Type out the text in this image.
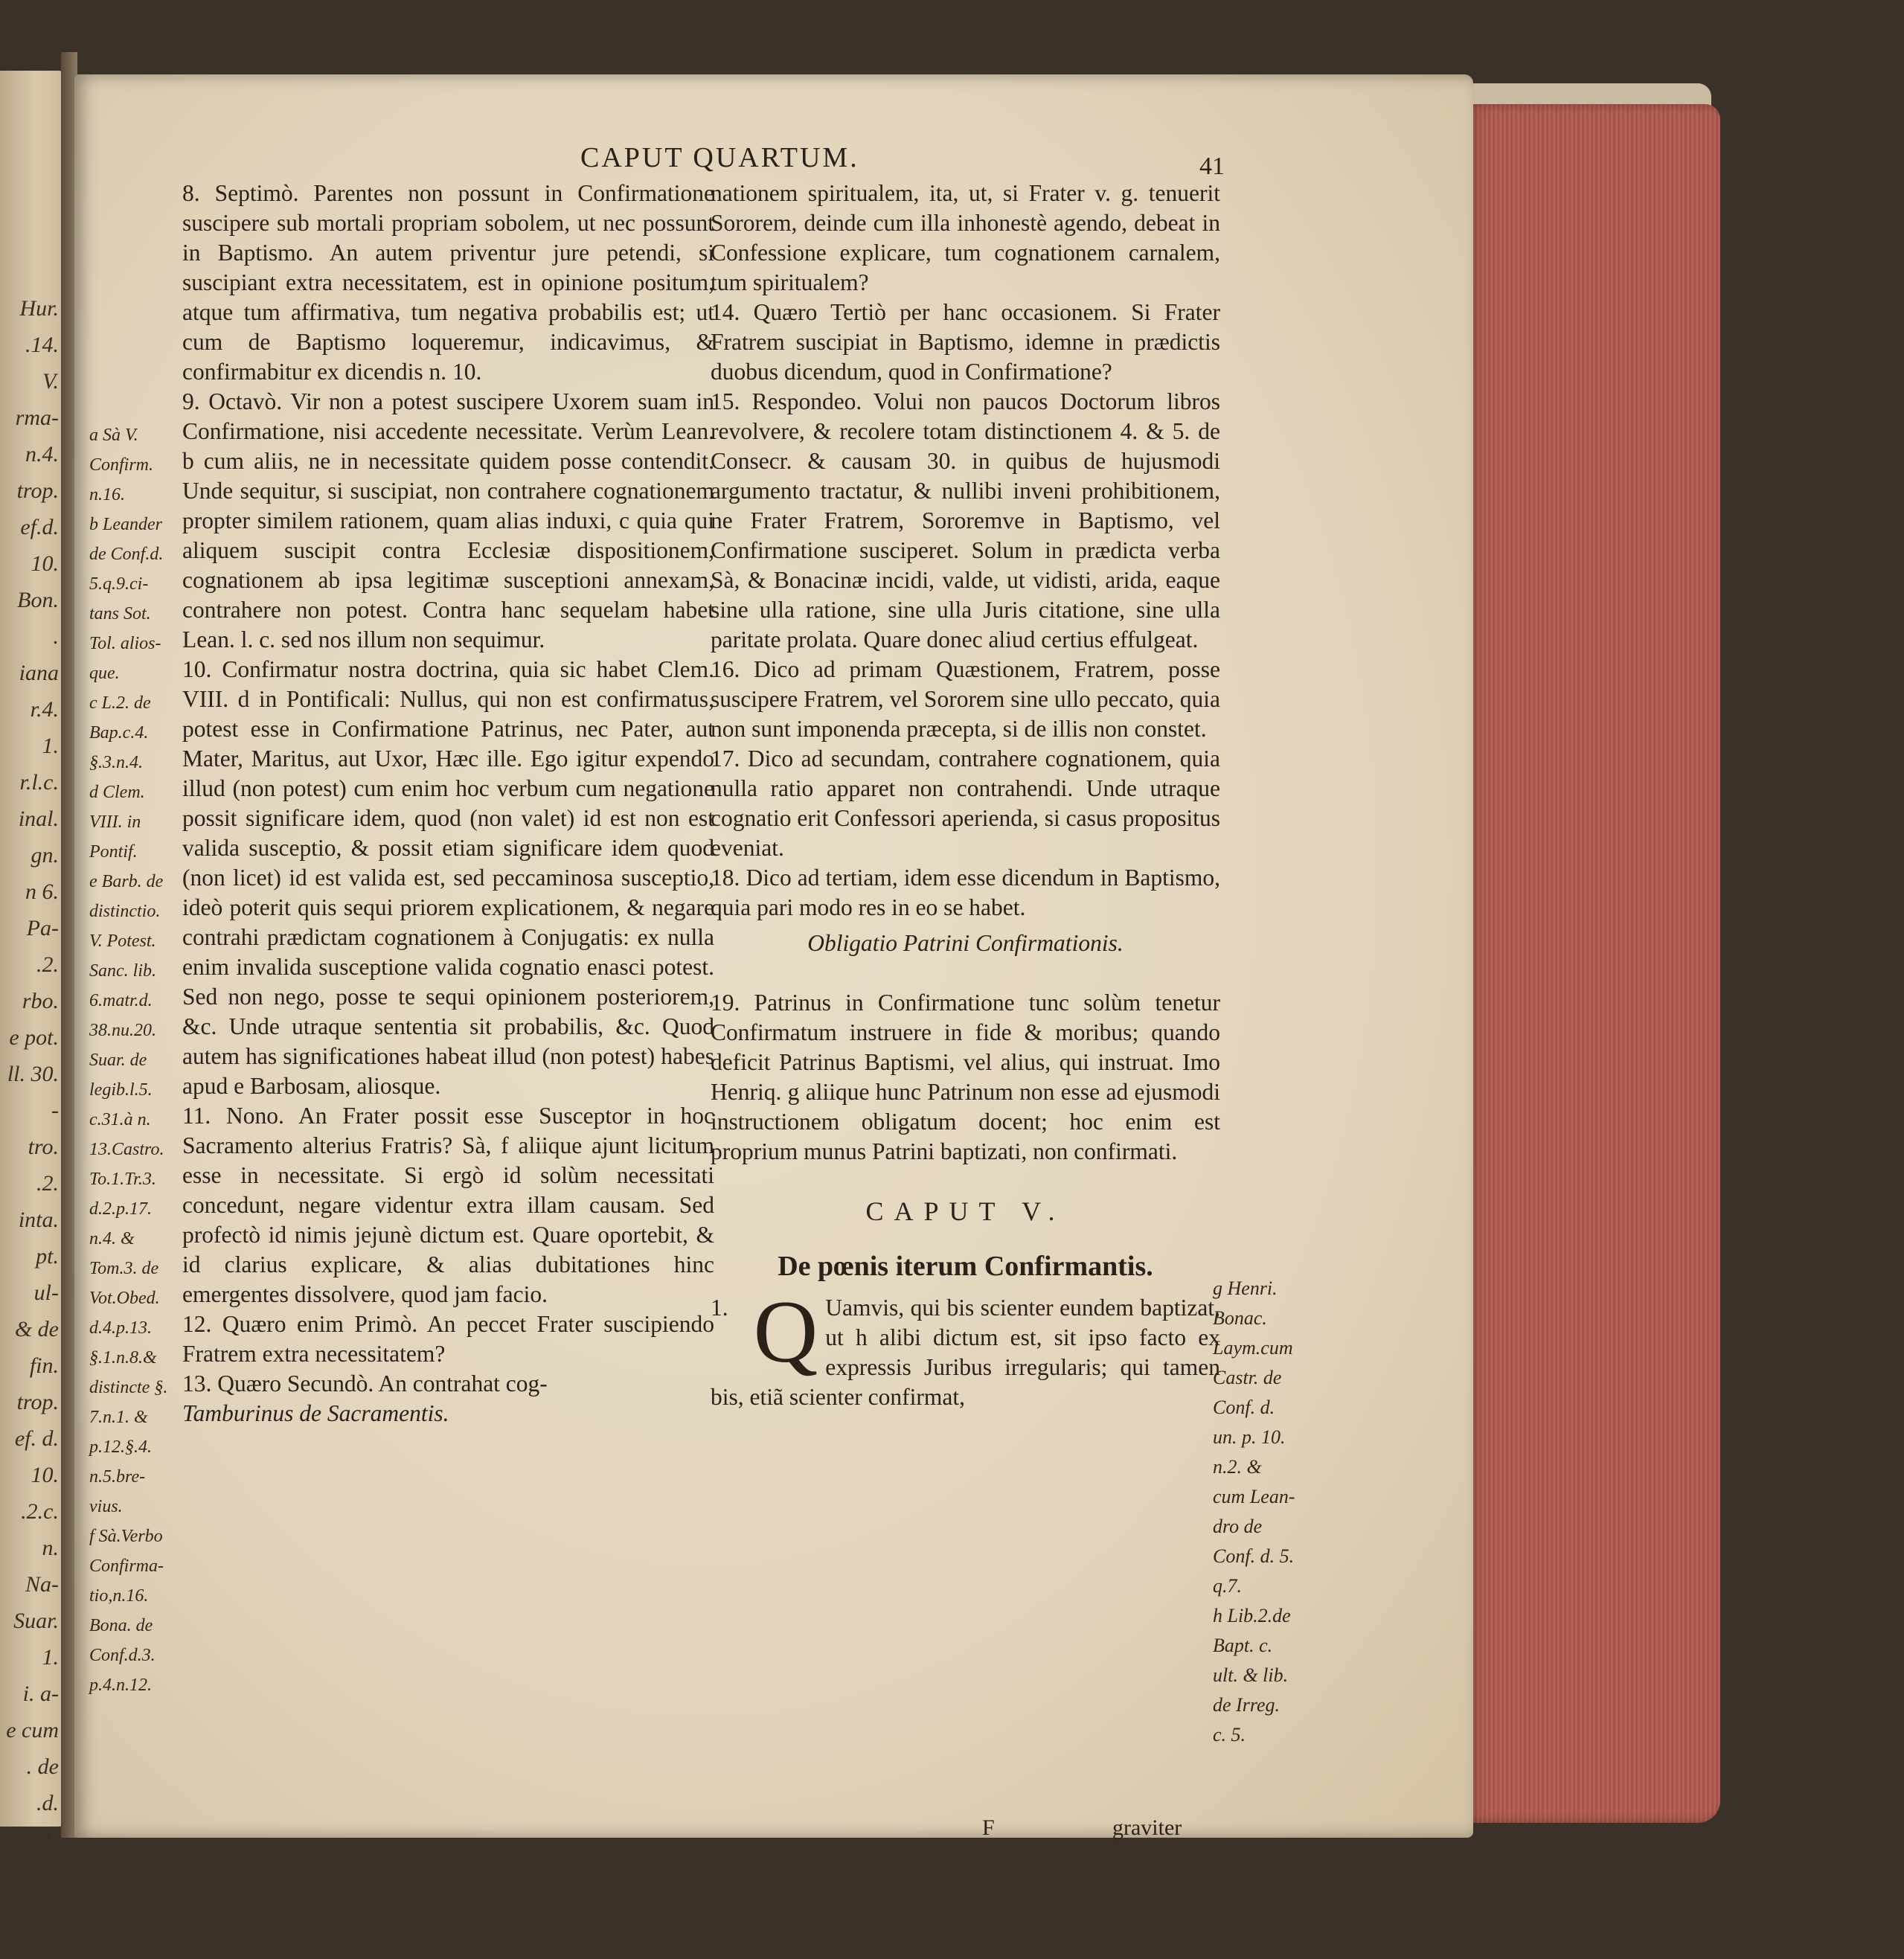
Hur.
.14.
V.
rma-
n.4.
trop.
ef.d.
10.
Bon.
.
iana
r.4.
1.
r.l.c.
inal.
gn.
n 6.
Pa-
.2.
rbo.
e pot.
ll. 30.
-
tro.
.2.
inta.
pt.
ul-
& de
fin.
trop.
ef. d.
10.
.2.c.
n.
Na-
Suar.
1.
i. a-
e cum
. de
.d.
1.
CAPUT QUARTUM.	41
a Sà V.
Confirm.
n.16.
b Leander
de Conf.d.
5.q.9.ci-
tans Sot.
Tol. alios-
que.
c L.2. de
Bap.c.4.
§.3.n.4.
d Clem.
VIII. in
Pontif.
e Barb. de
distinctio.
V. Potest.
Sanc. lib.
6.matr.d.
38.nu.20.
Suar. de
legib.l.5.
c.31.à n.
13.Castro.
To.1.Tr.3.
d.2.p.17.
n.4. &
Tom.3. de
Vot.Obed.
d.4.p.13.
§.1.n.8.&
distincte §.
7.n.1. &
p.12.§.4.
n.5.bre-
vius.
f Sà.Verbo
Confirma-
tio,n.16.
Bona. de
Conf.d.3.
p.4.n.12.

8. Septimò. Parentes non possunt in Confirmatione suscipere sub mortali propriam sobolem, ut nec possunt in Baptismo. An autem priventur jure petendi, si suscipiant extra necessitatem, est in opinione positum, atque tum affirmativa, tum negativa probabilis est; ut cum de Baptismo loqueremur, indicavimus, & confirmabitur ex dicendis n. 10.

9. Octavò. Vir non a potest suscipere Uxorem suam in Confirmatione, nisi accedente necessitate. Verùm Lean. b cum aliis, ne in necessitate quidem posse contendit. Unde sequitur, si suscipiat, non contrahere cognationem propter similem rationem, quam alias induxi, c quia qui aliquem suscipit contra Ecclesiæ dispositionem, cognationem ab ipsa legitimæ susceptioni annexam, contrahere non potest. Contra hanc sequelam habet Lean. l. c. sed nos illum non sequimur.

10. Confirmatur nostra doctrina, quia sic habet Clem. VIII. d in Pontificali: Nullus, qui non est confirmatus, potest esse in Confirmatione Patrinus, nec Pater, aut Mater, Maritus, aut Uxor, Hæc ille. Ego igitur expendo illud (non potest) cum enim hoc verbum cum negatione possit significare idem, quod (non valet) id est non est valida susceptio, & possit etiam significare idem quod (non licet) id est valida est, sed peccaminosa susceptio, ideò poterit quis sequi priorem explicationem, & negare contrahi prædictam cognationem à Conjugatis: ex nulla enim invalida susceptione valida cognatio enasci potest. Sed non nego, posse te sequi opinionem posteriorem, &c. Unde utraque sententia sit probabilis, &c. Quod autem has significationes habeat illud (non potest) habes apud e Barbosam, aliosque.

11. Nono. An Frater possit esse Susceptor in hoc Sacramento alterius Fratris? Sà, f aliique ajunt licitum esse in necessitate. Si ergò id solùm necessitati concedunt, negare videntur extra illam causam. Sed profectò id nimis jejunè dictum est. Quare oportebit, & id clarius explicare, & alias dubitationes hinc emergentes dissolvere, quod jam facio.

12. Quæro enim Primò. An peccet Frater suscipiendo Fratrem extra necessitatem?

13. Quæro Secundò. An contrahat cog-

Tamburinus de Sacramentis.

nationem spiritualem, ita, ut, si Frater v. g. tenuerit Sororem, deinde cum illa inhonestè agendo, debeat in Confessione explicare, tum cognationem carnalem, tum spiritualem?

14. Quæro Tertiò per hanc occasionem. Si Frater Fratrem suscipiat in Baptismo, idemne in prædictis duobus dicendum, quod in Confirmatione?

15. Respondeo. Volui non paucos Doctorum libros revolvere, & recolere totam distinctionem 4. & 5. de Consecr. & causam 30. in quibus de hujusmodi argumento tractatur, & nullibi inveni prohibitionem, ne Frater Fratrem, Sororemve in Baptismo, vel Confirmatione susciperet. Solum in prædicta verba Sà, & Bonacinæ incidi, valde, ut vidisti, arida, eaque sine ulla ratione, sine ulla Juris citatione, sine ulla paritate prolata. Quare donec aliud certius effulgeat.

16. Dico ad primam Quæstionem, Fratrem, posse suscipere Fratrem, vel Sororem sine ullo peccato, quia non sunt imponenda præcepta, si de illis non constet.

17. Dico ad secundam, contrahere cognationem, quia nulla ratio apparet non contrahendi. Unde utraque cognatio erit Confessori aperienda, si casus propositus eveniat.

18. Dico ad tertiam, idem esse dicendum in Baptismo, quia pari modo res in eo se habet.

Obligatio Patrini Confirmationis.

19. Patrinus in Confirmatione tunc solùm tenetur Confirmatum instruere in fide & moribus; quando deficit Patrinus Baptismi, vel alius, qui instruat. Imo Henriq. g aliique hunc Patrinum non esse ad ejusmodi instructionem obligatum docent; hoc enim est proprium munus Patrini baptizati, non confirmati.

CAPUT V.

De pœnis iterum Confirmantis.

1. Q Uamvis, qui bis scienter eundem baptizat, ut h alibi dictum est, sit ipso facto ex expressis Juribus irregularis; qui tamen bis, etiã scienter confirmat,

F	graviter
g Henri.
Bonac.
Laym.cum
Castr. de
Conf. d.
un. p. 10.
n.2. &
cum Lean-
dro de
Conf. d. 5.
q.7.
h Lib.2.de
Bapt. c.
ult. & lib.
de Irreg.
c. 5.
